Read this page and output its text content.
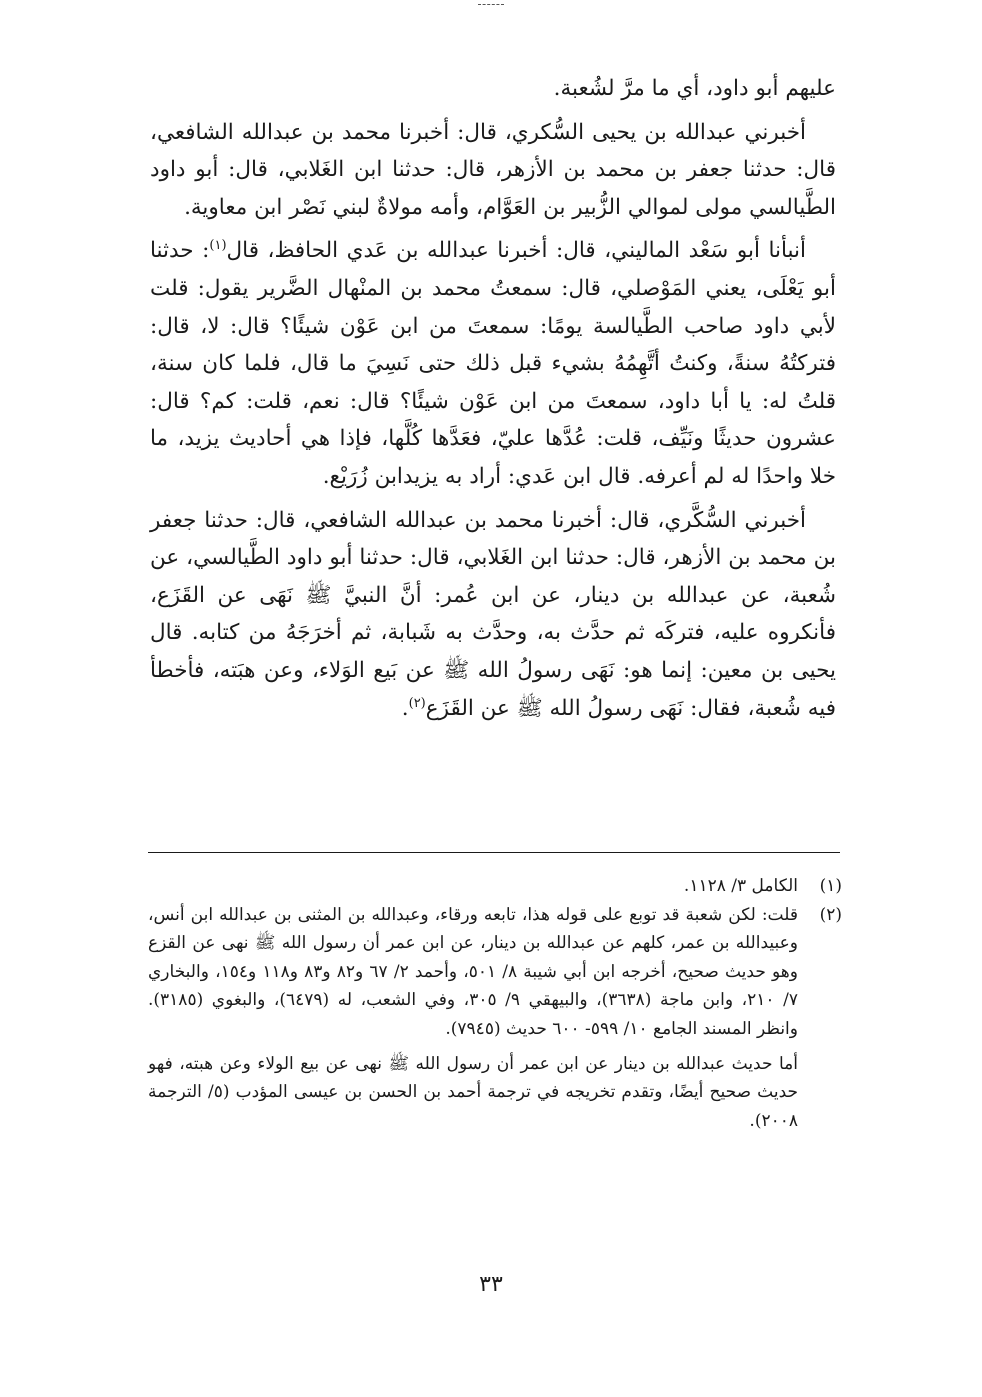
عليهم أبو داود، أي ما مرَّ لشُعبة.

أخبرني عبدالله بن يحيى السُّكري، قال: أخبرنا محمد بن عبدالله الشافعي، قال: حدثنا جعفر بن محمد بن الأزهر، قال: حدثنا ابن الغَلابي، قال: أبو داود الطَّيالسي مولى لموالي الزُّبير بن العَوَّام، وأمه مولاةٌ لبني نَصْر ابن معاوية.

أنبأنا أبو سَعْد الماليني، قال: أخبرنا عبدالله بن عَدي الحافظ، قال$^{(١)}$: حدثنا أبو يَعْلَى، يعني المَوْصلي، قال: سمعتُ محمد بن المنْهال الضَّرير يقول: قلت لأبي داود صاحب الطَّيالسة يومًا: سمعتَ من ابن عَوْن شيئًا؟ قال: لا، قال: فتركتُهُ سنةً، وكنتُ أتَّهِمُهُ بشيء قبل ذلك حتى نَسِيَ ما قال، فلما كان سنة، قلتُ له: يا أبا داود، سمعتَ من ابن عَوْن شيئًا؟ قال: نعم، قلت: كم؟ قال: عشرون حديثًا ونَيِّف، قلت: عُدَّها عليّ، فعَدَّها كُلَّها، فإذا هي أحاديث يزيد، ما خلا واحدًا له لم أعرفه. قال ابن عَدي: أراد به يزيدابن زُرَيْع.

أخبرني السُّكَّري، قال: أخبرنا محمد بن عبدالله الشافعي، قال: حدثنا جعفر بن محمد بن الأزهر، قال: حدثنا ابن الغَلابي، قال: حدثنا أبو داود الطَّيالسي، عن شُعبة، عن عبدالله بن دينار، عن ابن عُمر: أنَّ النبيَّ ﷺ نَهَى عن القَزَع، فأنكروه عليه، فتركَه ثم حدَّث به، وحدَّث به شَبابة، ثم أخرَجَهُ من كتابه. قال يحيى بن معين: إنما هو: نَهَى رسولُ الله ﷺ عن بَيع الوَلاء، وعن هبَته، فأخطأ فيه شُعبة، فقال: نَهَى رسولُ الله ﷺ عن القَزَع$^{(٢)}$.

(١)
الكامل ٣/ ١١٢٨.
(٢)
قلت: لكن شعبة قد توبع على قوله هذا، تابعه ورقاء، وعبدالله بن المثنى بن عبدالله ابن أنس، وعبيدالله بن عمر، كلهم عن عبدالله بن دينار، عن ابن عمر أن رسول الله ﷺ نهى عن القزع وهو حديث صحيح، أخرجه ابن أبي شيبة ٨/ ٥٠١، وأحمد ٢/ ٦٧ و٨٢ و٨٣ و١١٨ و١٥٤، والبخاري ٧/ ٢١٠، وابن ماجة (٣٦٣٨)، والبيهقي ٩/ ٣٠٥، وفي الشعب، له (٦٤٧٩)، والبغوي (٣١٨٥). وانظر المسند الجامع ١٠/ ٥٩٩- ٦٠٠ حديث (٧٩٤٥).

أما حديث عبدالله بن دينار عن ابن عمر أن رسول الله ﷺ نهى عن بيع الولاء وعن هبته، فهو حديث صحيح أيضًا، وتقدم تخريجه في ترجمة أحمد بن الحسن بن عيسى المؤدب (٥/ الترجمة ٢٠٠٨).

٣٣
